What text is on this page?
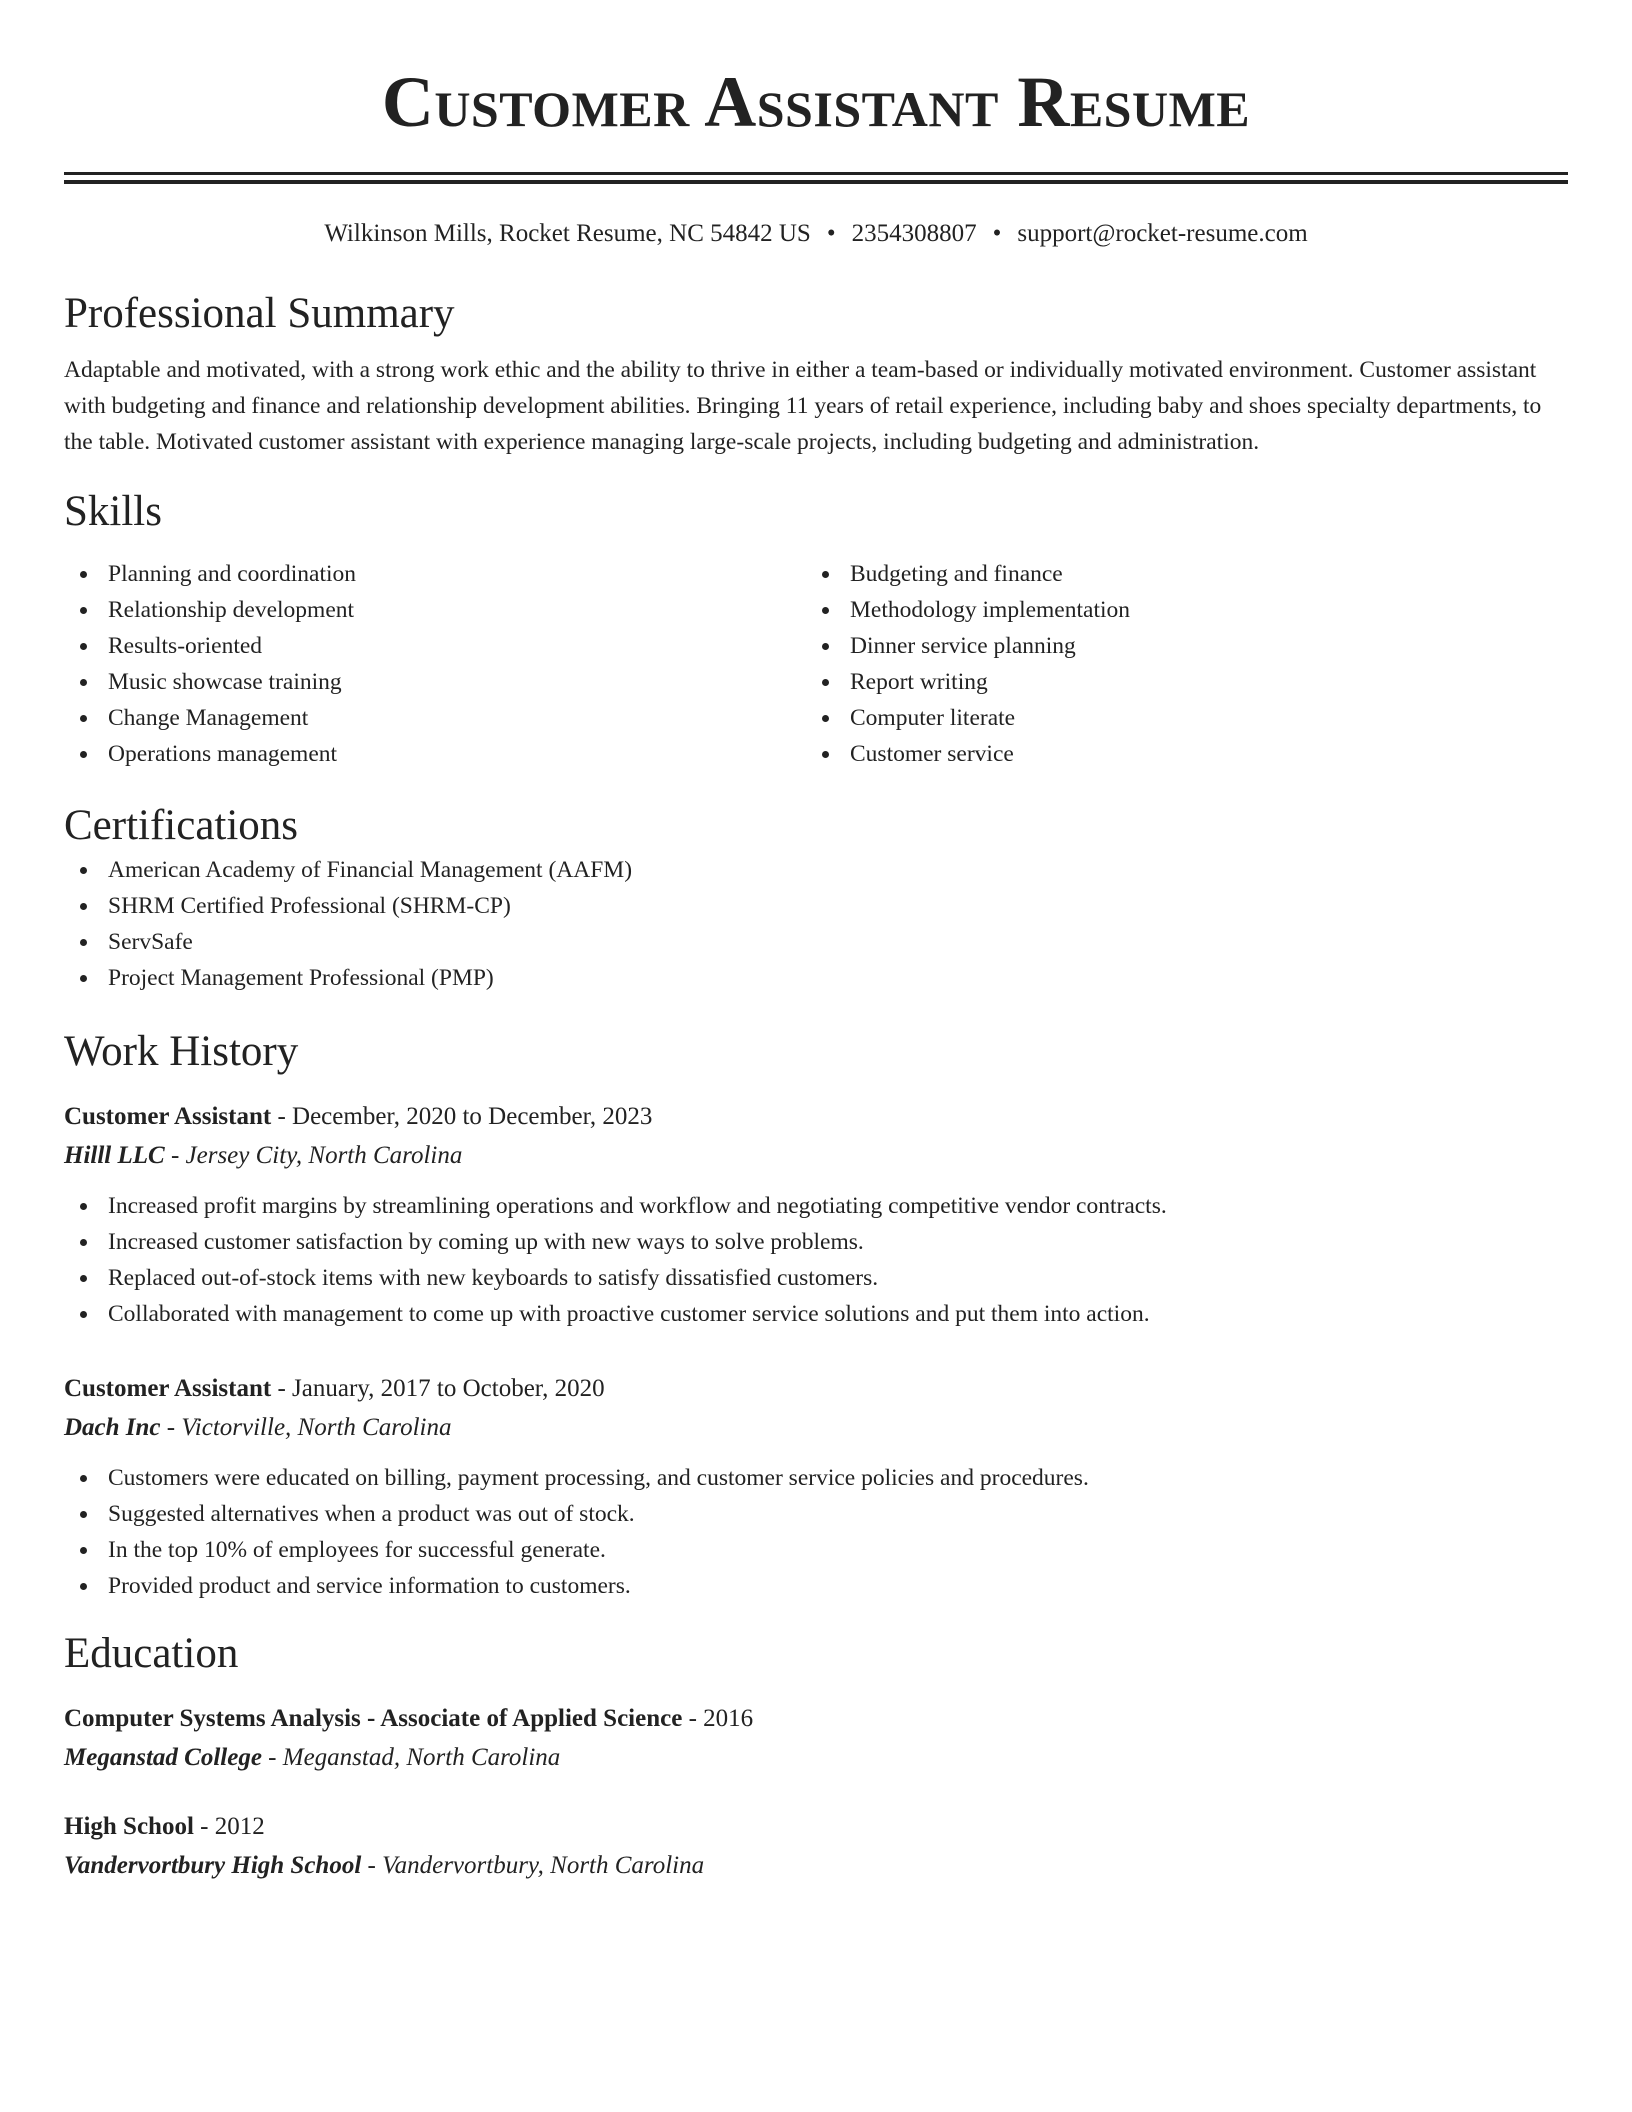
Customer Assistant Resume
Wilkinson Mills, Rocket Resume, NC 54842 US • 2354308807 • support@rocket-resume.com
Professional Summary

Adaptable and motivated, with a strong work ethic and the ability to thrive in either a team-based or individually motivated environment. Customer assistant with budgeting and finance and relationship development abilities. Bringing 11 years of retail experience, including baby and shoes specialty departments, to the table. Motivated customer assistant with experience managing large-scale projects, including budgeting and administration.

Skills
Planning and coordination
Relationship development
Results-oriented
Music showcase training
Change Management
Operations management
Budgeting and finance
Methodology implementation
Dinner service planning
Report writing
Computer literate
Customer service
Certifications
American Academy of Financial Management (AAFM)
SHRM Certified Professional (SHRM-CP)
ServSafe
Project Management Professional (PMP)
Work History
Customer Assistant - December, 2020 to December, 2023
Hilll LLC - Jersey City, North Carolina
Increased profit margins by streamlining operations and workflow and negotiating competitive vendor contracts.
Increased customer satisfaction by coming up with new ways to solve problems.
Replaced out-of-stock items with new keyboards to satisfy dissatisfied customers.
Collaborated with management to come up with proactive customer service solutions and put them into action.
Customer Assistant - January, 2017 to October, 2020
Dach Inc - Victorville, North Carolina
Customers were educated on billing, payment processing, and customer service policies and procedures.
Suggested alternatives when a product was out of stock.
In the top 10% of employees for successful generate.
Provided product and service information to customers.
Education
Computer Systems Analysis - Associate of Applied Science - 2016
Meganstad College - Meganstad, North Carolina
High School - 2012
Vandervortbury High School - Vandervortbury, North Carolina
